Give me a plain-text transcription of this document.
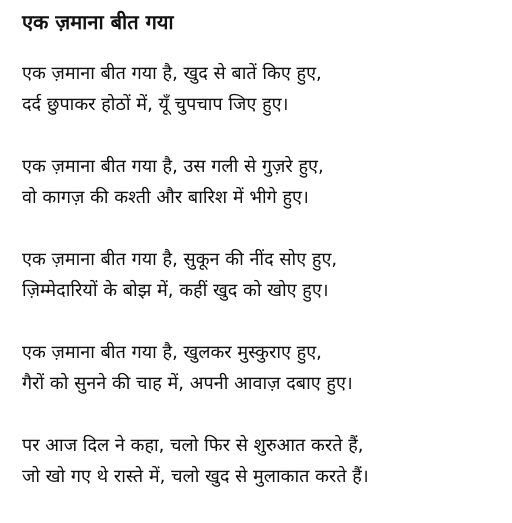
एक ज़माना बीत गया
एक ज़माना बीत गया है, खुद से बातें किए हुए,
दर्द छुपाकर होठों में, यूँ चुपचाप जिए हुए।
एक ज़माना बीत गया है, उस गली से गुज़रे हुए,
वो कागज़ की कश्ती और बारिश में भीगे हुए।
एक ज़माना बीत गया है, सुकून की नींद सोए हुए,
ज़िम्मेदारियों के बोझ में, कहीं खुद को खोए हुए।
एक ज़माना बीत गया है, खुलकर मुस्कुराए हुए,
गैरों को सुनने की चाह में, अपनी आवाज़ दबाए हुए।
पर आज दिल ने कहा, चलो फिर से शुरुआत करते हैं,
जो खो गए थे रास्ते में, चलो खुद से मुलाकात करते हैं।
